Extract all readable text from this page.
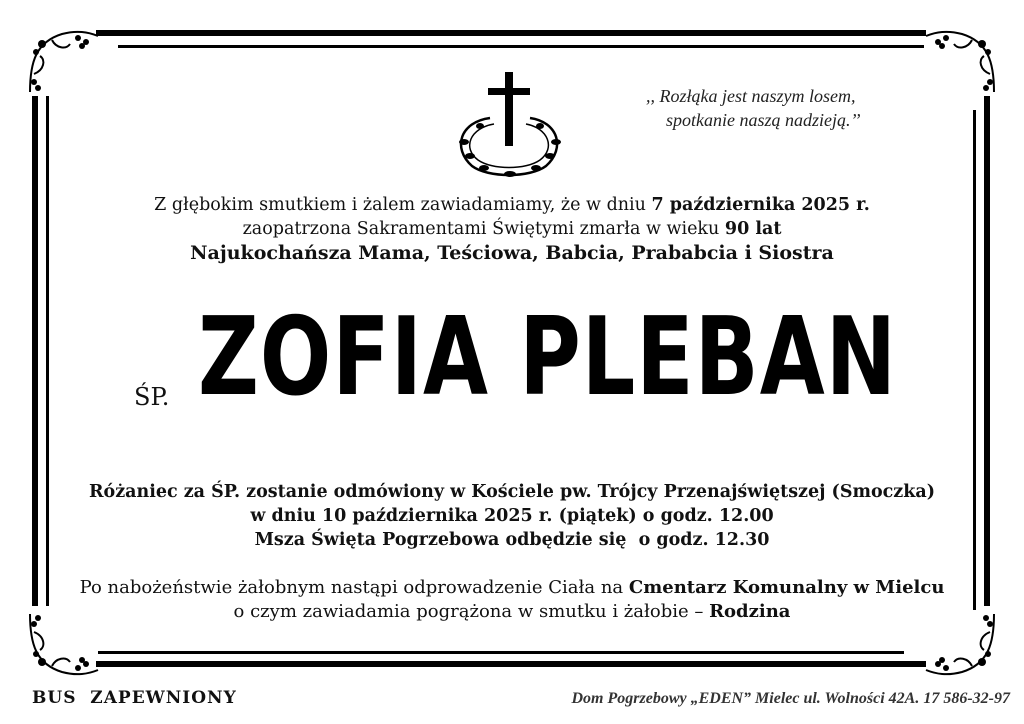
,, Rozłąka jest naszym losem,
spotkanie naszą nadzieją.’’
Z głębokim smutkiem i żalem zawiadamiamy, że w dniu 7 października 2025 r.
zaopatrzona Sakramentami Świętymi zmarła w wieku 90 lat
Najukochańsza Mama, Teściowa, Babcia, Prababcia i Siostra
ŚP. ZOFIA PLEBAN
Różaniec za ŚP. zostanie odmówiony w Kościele pw. Trójcy Przenajświętszej (Smoczka)
w dniu 10 października 2025 r. (piątek) o godz. 12.00
Msza Święta Pogrzebowa odbędzie się  o godz. 12.30
Po nabożeństwie żałobnym nastąpi odprowadzenie Ciała na Cmentarz Komunalny w Mielcu
o czym zawiadamia pogrążona w smutku i żałobie – Rodzina
BUS  ZAPEWNIONY	Dom Pogrzebowy „EDEN” Mielec ul. Wolności 42A. 17 586-32-97
